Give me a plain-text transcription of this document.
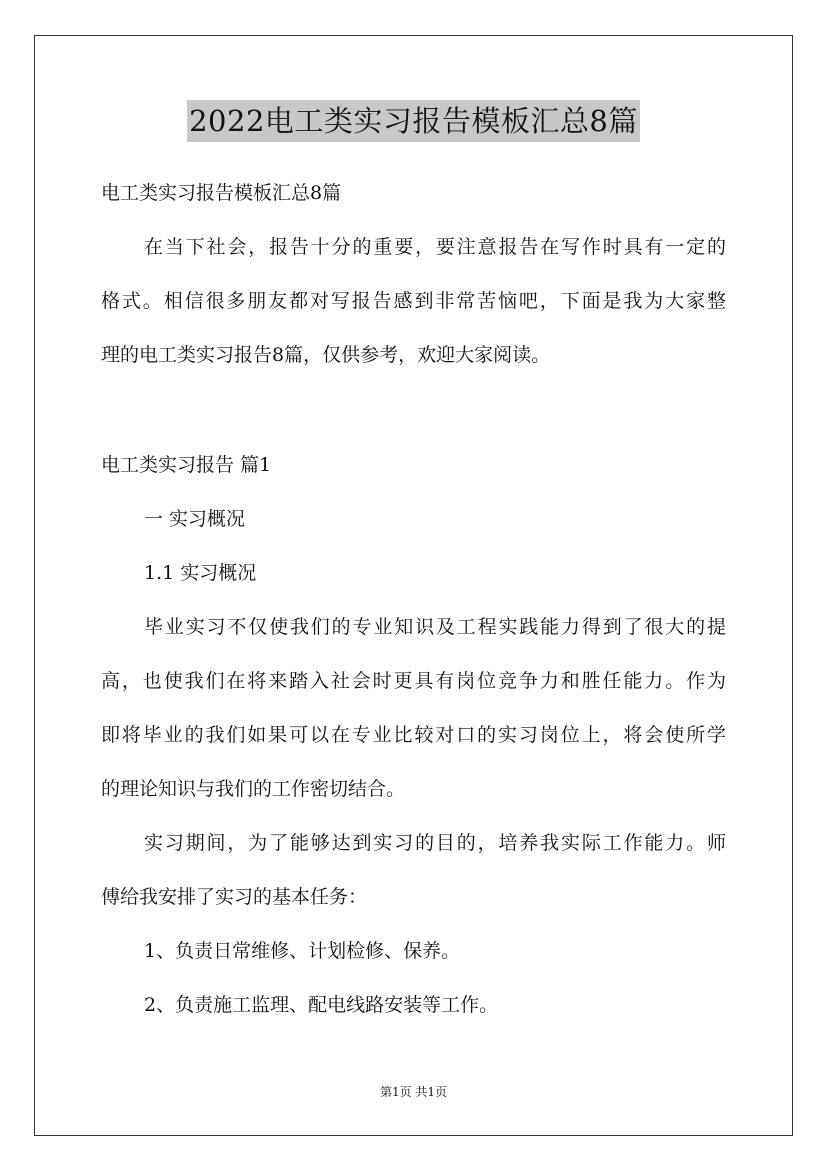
2022电工类实习报告模板汇总8篇
电工类实习报告模板汇总8篇
在当下社会，报告十分的重要，要注意报告在写作时具有一定的
格式。相信很多朋友都对写报告感到非常苦恼吧，下面是我为大家整
理的电工类实习报告8篇，仅供参考，欢迎大家阅读。
电工类实习报告 篇1
一 实习概况
1.1 实习概况
毕业实习不仅使我们的专业知识及工程实践能力得到了很大的提
高，也使我们在将来踏入社会时更具有岗位竞争力和胜任能力。作为
即将毕业的我们如果可以在专业比较对口的实习岗位上，将会使所学
的理论知识与我们的工作密切结合。
实习期间，为了能够达到实习的目的，培养我实际工作能力。师
傅给我安排了实习的基本任务：
1、负责日常维修、计划检修、保养。
2、负责施工监理、配电线路安装等工作。
第1页 共1页
